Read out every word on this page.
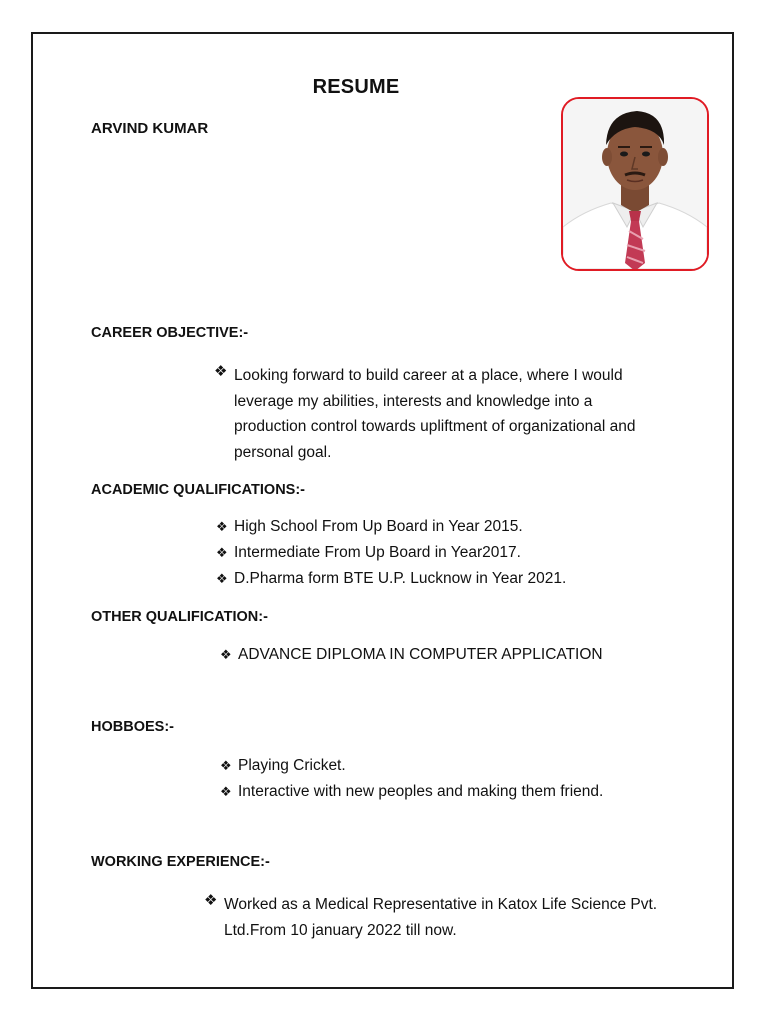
RESUME
ARVIND KUMAR
CAREER OBJECTIVE:-
❖ Looking forward to build career at a place, where I would
leverage my abilities, interests and knowledge into a
production control towards upliftment of organizational and
personal goal.
ACADEMIC QUALIFICATIONS:-
❖ High School From Up Board in Year 2015.
❖ Intermediate From Up Board in Year2017.
❖ D.Pharma form BTE U.P. Lucknow in Year 2021.
OTHER QUALIFICATION:-
❖ ADVANCE DIPLOMA IN COMPUTER APPLICATION
HOBBOES:-
❖ Playing Cricket.
❖ Interactive with new peoples and making them friend.
WORKING EXPERIENCE:-
❖ Worked as a Medical Representative in Katox Life Science Pvt.
Ltd.From 10 january 2022 till now.
